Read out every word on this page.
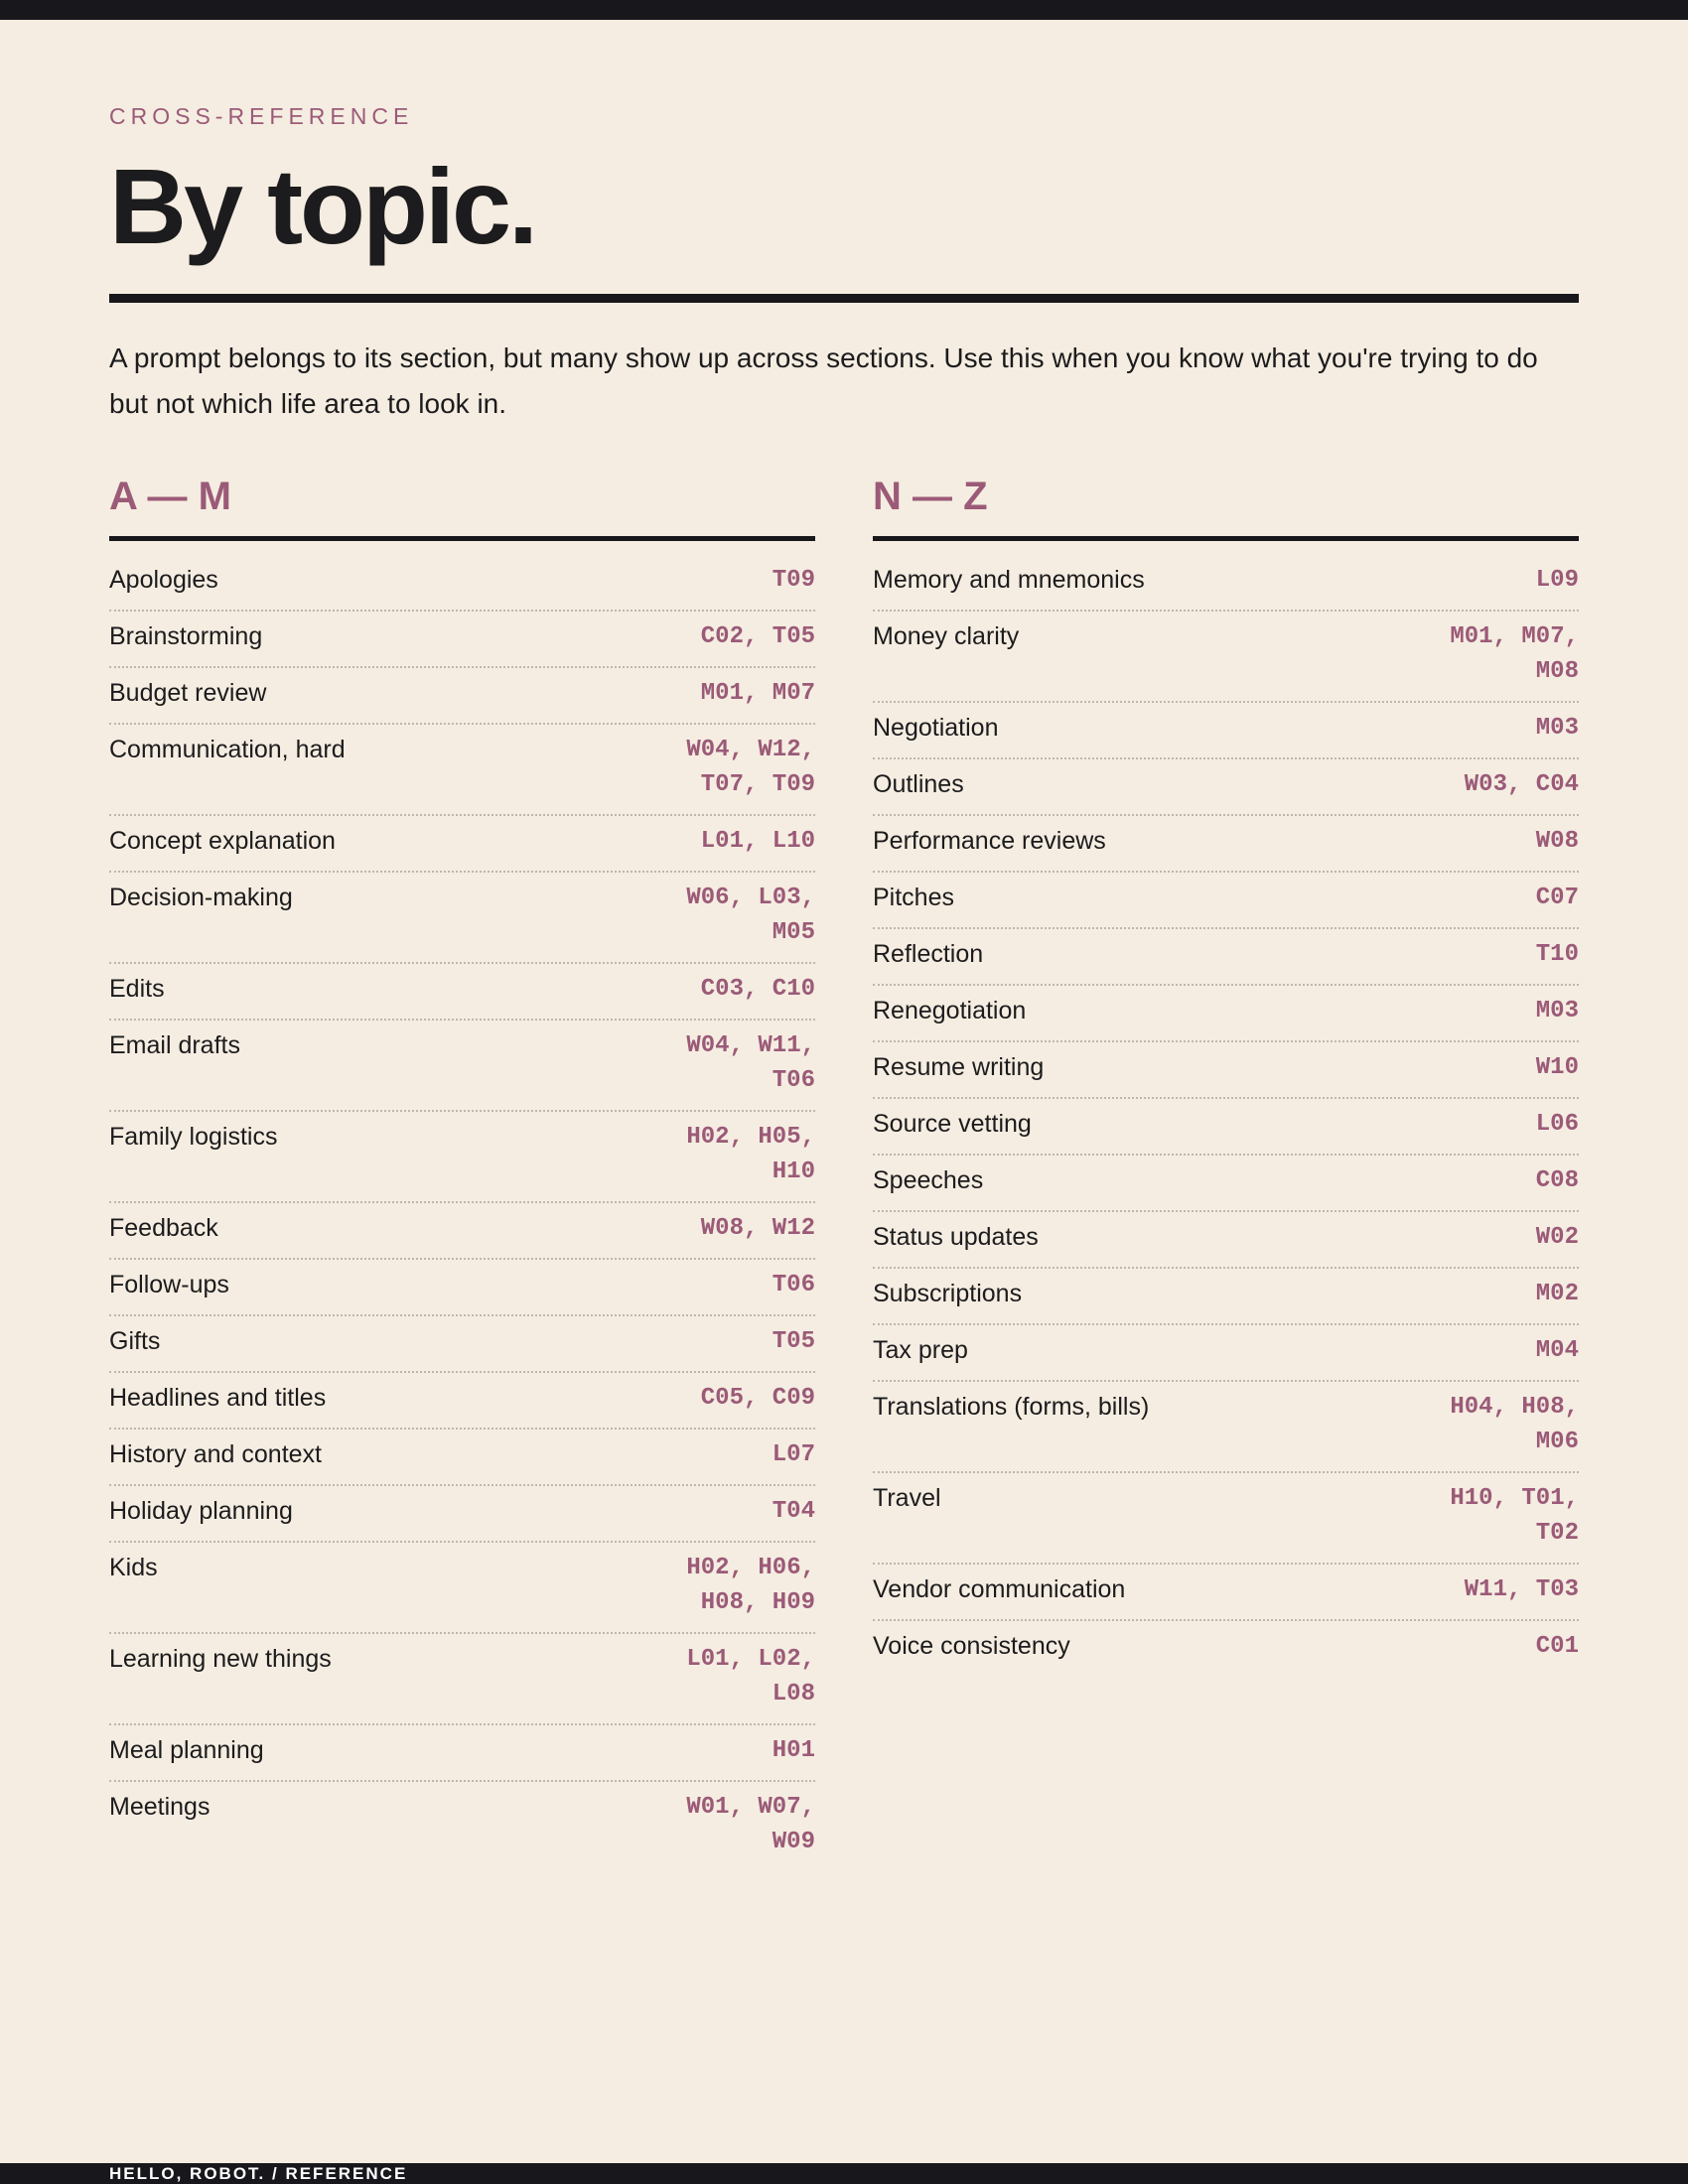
CROSS-REFERENCE
By topic.

A prompt belongs to its section, but many show up across sections. Use this when you know what you're trying to do but not which life area to look in.

A — M
Apologies	T09
Brainstorming	C02, T05
Budget review	M01, M07
Communication, hard	W04, W12, T07, T09
Concept explanation	L01, L10
Decision-making	W06, L03, M05
Edits	C03, C10
Email drafts	W04, W11, T06
Family logistics	H02, H05, H10
Feedback	W08, W12
Follow-ups	T06
Gifts	T05
Headlines and titles	C05, C09
History and context	L07
Holiday planning	T04
Kids	H02, H06, H08, H09
Learning new things	L01, L02, L08
Meal planning	H01
Meetings	W01, W07, W09
N — Z
Memory and mnemonics	L09
Money clarity	M01, M07, M08
Negotiation	M03
Outlines	W03, C04
Performance reviews	W08
Pitches	C07
Reflection	T10
Renegotiation	M03
Resume writing	W10
Source vetting	L06
Speeches	C08
Status updates	W02
Subscriptions	M02
Tax prep	M04
Translations (forms, bills)	H04, H08, M06
Travel	H10, T01, T02
Vendor communication	W11, T03
Voice consistency	C01
HELLO, ROBOT. / REFERENCE
